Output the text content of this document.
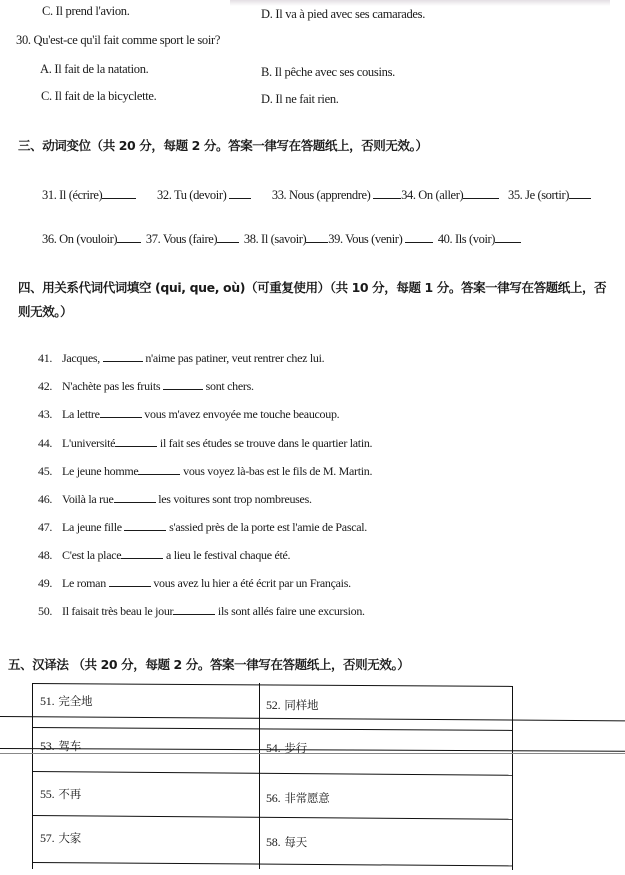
C. Il prend l'avion.	D. Il va à pied avec ses camarades.
30. Qu'est-ce qu'il fait comme sport le soir?
A. Il fait de la natation.	B. Il pêche avec ses cousins.
C. Il fait de la bicyclette.	D. Il ne fait rien.
三、动词变位（共 20 分，每题 2 分。答案一律写在答题纸上，否则无效。）
31. Il (écrire)	32. Tu (devoir)	33. Nous (apprendre) 34. On (aller)	35. Je (sortir)
36. On (vouloir) 37. Vous (faire) 38. Il (savoir) 39. Vous (venir)	40. Ils (voir)
四、用关系代词代词填空 (qui, que, où)（可重复使用）（共 10 分，每题 1 分。答案一律写在答题纸上，否
则无效。）
41. Jacques,	n'aime pas patiner, veut rentrer chez lui.
42. N'achète pas les fruits	sont chers.
43. La lettre	vous m'avez envoyée me touche beaucoup.
44. L'université	il fait ses études se trouve dans le quartier latin.
45. Le jeune homme	vous voyez là-bas est le fils de M. Martin.
46. Voilà la rue	les voitures sont trop nombreuses.
47. La jeune fille	s'assied près de la porte est l'amie de Pascal.
48. C'est la place	a lieu le festival chaque été.
49. Le roman	vous avez lu hier a été écrit par un Français.
50. Il faisait très beau le jour	ils sont allés faire une excursion.
五、汉译法 （共 20 分，每题 2 分。答案一律写在答题纸上，否则无效。）
51. 完全地	52. 同样地
53. 驾车	54. 步行
55. 不再	56. 非常愿意
57. 大家	58. 每天
